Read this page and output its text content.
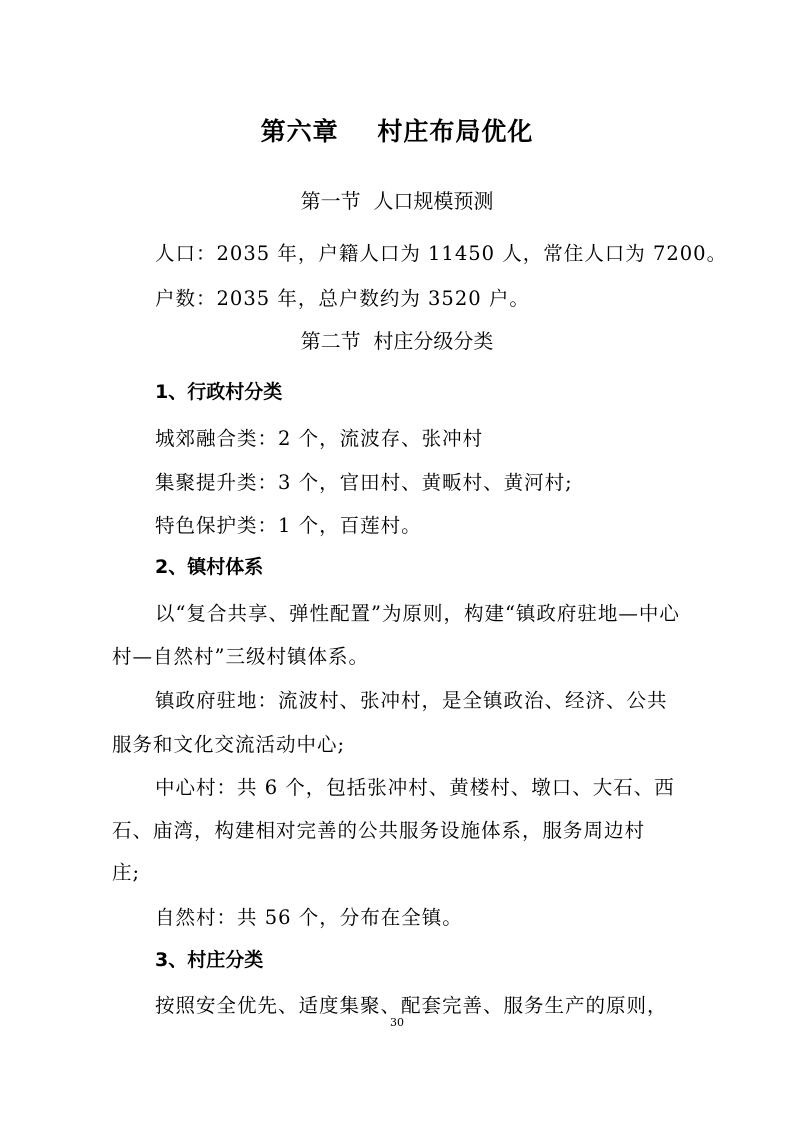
第六章    村庄布局优化
第一节  人口规模预测
人口：2035 年，户籍人口为 11450 人，常住人口为 7200。
户数：2035 年，总户数约为 3520 户。
第二节  村庄分级分类
1、行政村分类
城郊融合类：2 个，流波存、张冲村
集聚提升类：3 个，官田村、黄畈村、黄河村;
特色保护类：1 个，百莲村。
2、镇村体系
以“复合共享、弹性配置”为原则，构建“镇政府驻地—中心
村—自然村”三级村镇体系。
镇政府驻地：流波村、张冲村，是全镇政治、经济、公共
服务和文化交流活动中心;
中心村：共 6 个，包括张冲村、黄楼村、墩口、大石、西
石、庙湾，构建相对完善的公共服务设施体系，服务周边村
庄;
自然村：共 56 个，分布在全镇。
3、村庄分类
按照安全优先、适度集聚、配套完善、服务生产的原则，
30
